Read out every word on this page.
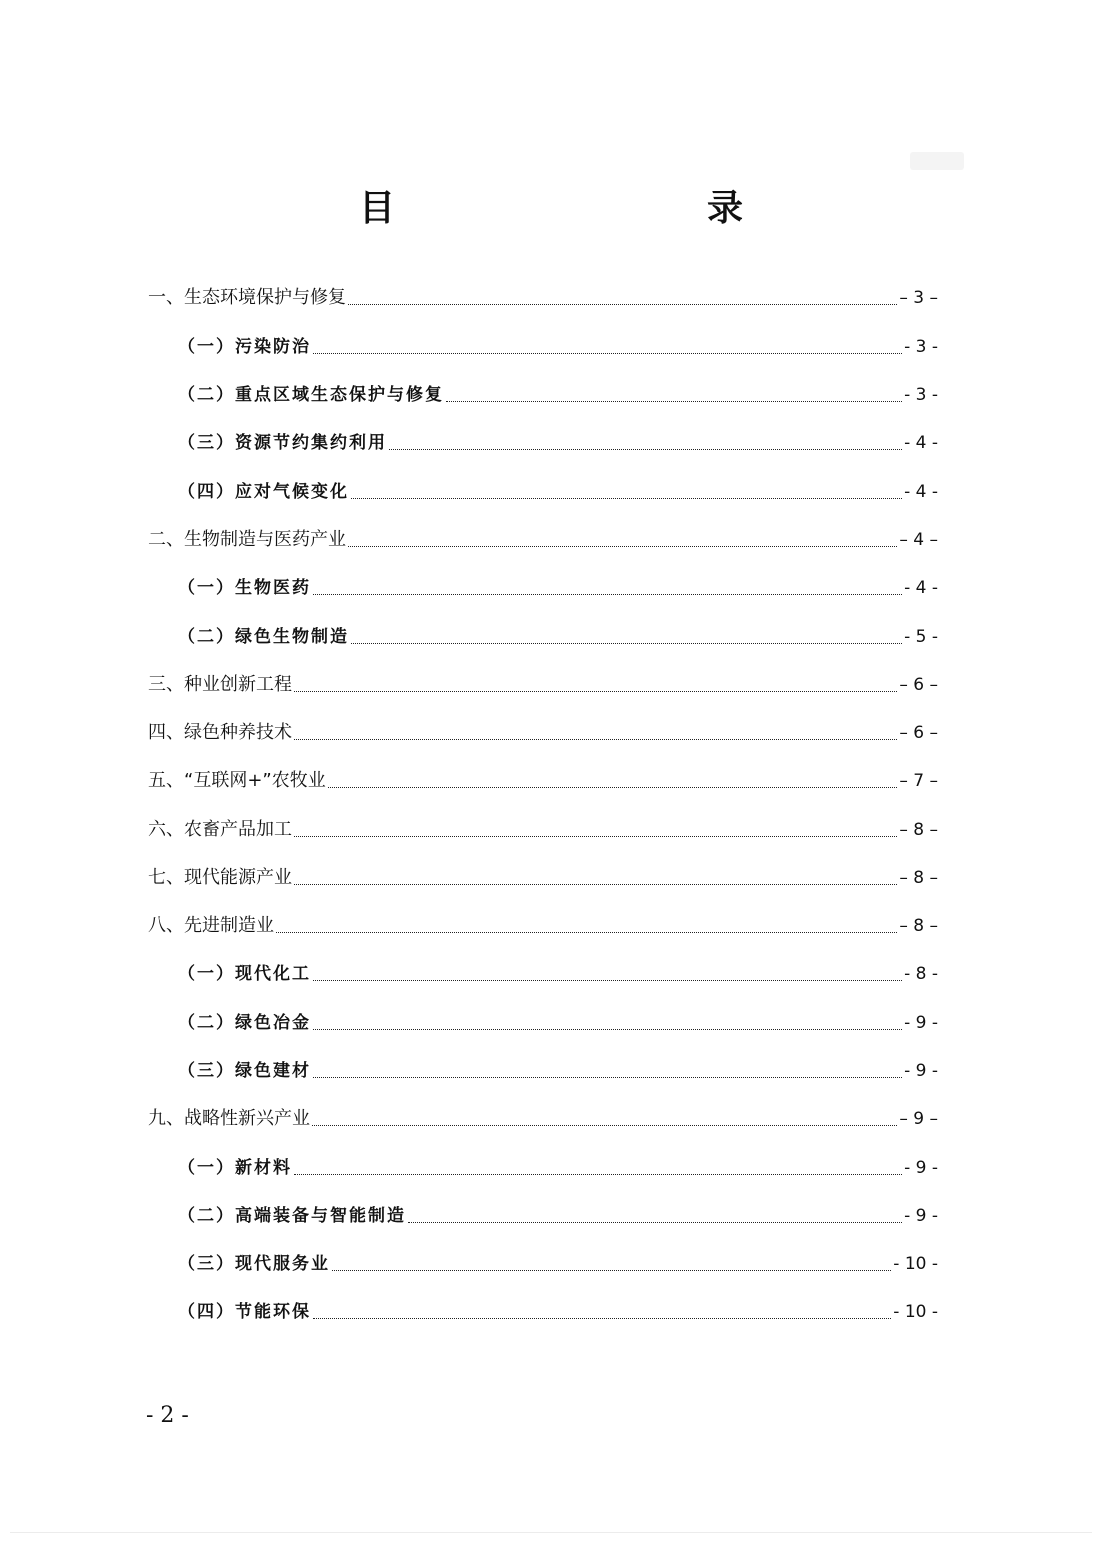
目　　录
一、生态环境保护与修复	– 3 –
（一）污染防治	- 3 -
（二）重点区域生态保护与修复	- 3 -
（三）资源节约集约利用	- 4 -
（四）应对气候变化	- 4 -
二、生物制造与医药产业	– 4 –
（一）生物医药	- 4 -
（二）绿色生物制造	- 5 -
三、种业创新工程	– 6 –
四、绿色种养技术	– 6 –
五、“互联网+”农牧业	– 7 –
六、农畜产品加工	– 8 –
七、现代能源产业	– 8 –
八、先进制造业	– 8 –
（一）现代化工	- 8 -
（二）绿色冶金	- 9 -
（三）绿色建材	- 9 -
九、战略性新兴产业	– 9 –
（一）新材料	- 9 -
（二）高端装备与智能制造	- 9 -
（三）现代服务业	- 10 -
（四）节能环保	- 10 -
- 2 -
